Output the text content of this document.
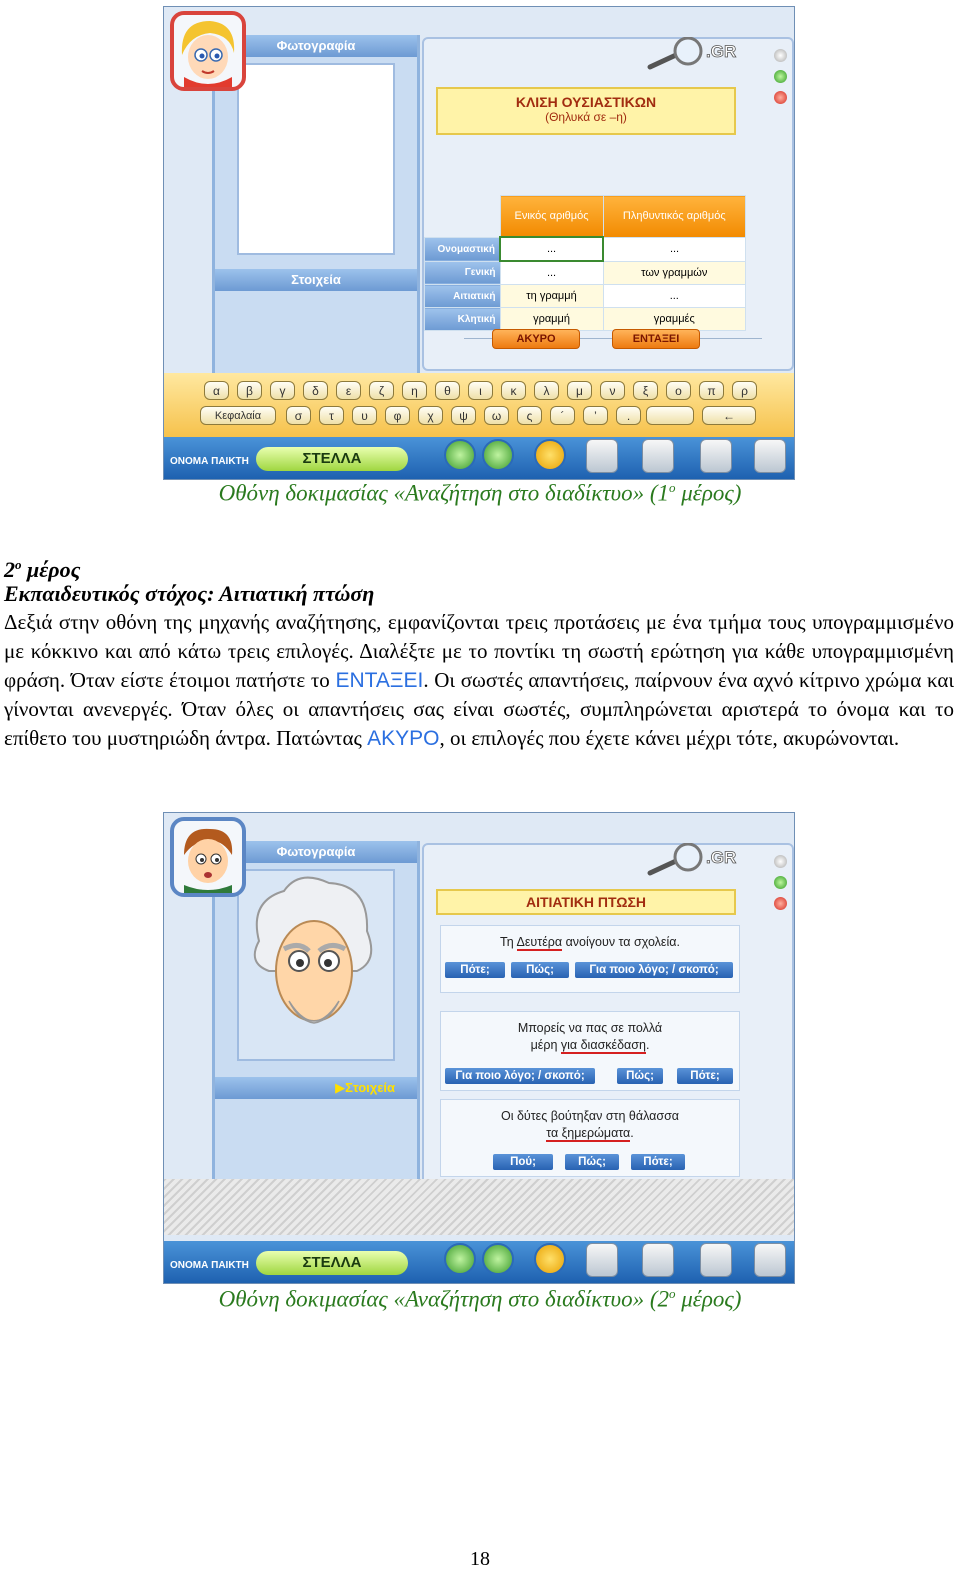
Φωτογραφία
Στοιχεία
ΚΛΙΣΗ ΟΥΣΙΑΣΤΙΚΩΝ
(Θηλυκά σε –η)
	Ενικός αριθμός	Πληθυντικός αριθμός
Ονομαστική	...	...
Γενική	...	των γραμμών
Αιτιατική	τη γραμμή	...
Κλητική	γραμμή	γραμμές
ΑΚΥΡΟ	ΕΝΤΑΞΕΙ
.GR
α	β	γ	δ	ε	ζ	η	θ	ι	κ	λ	μ	ν	ξ	ο	π	ρ
Κεφαλαία	σ	τ	υ	φ	χ	ψ	ω	ς	´	’	.	←
ΟΝΟΜΑ ΠΑΙΚΤΗ	ΣΤΕΛΛΑ
Οθόνη δοκιμασίας «Αναζήτηση στο διαδίκτυο» ($1^o$ μέρος)
$2^o$ μέρος
Εκπαιδευτικός στόχος: Αιτιατική πτώση
Δεξιά στην οθόνη της μηχανής αναζήτησης, εμφανίζονται τρεις προτάσεις με ένα τμήμα τους υπογραμμισμένο με κόκκινο και από κάτω τρεις επιλογές. Διαλέξτε με το ποντίκι τη σωστή ερώτηση για κάθε υπογραμμισμένη φράση. Όταν είστε έτοιμοι πατήστε το ΕΝΤΑΞΕΙ. Οι σωστές απαντήσεις, παίρνουν ένα αχνό κίτρινο χρώμα και γίνονται ανενεργές. Όταν όλες οι απαντήσεις σας είναι σωστές, συμπληρώνεται αριστερά το όνομα και το επίθετο του μυστηριώδη άντρα. Πατώντας ΑΚΥΡΟ, οι επιλογές που έχετε κάνει μέχρι τότε, ακυρώνονται.
Φωτογραφία
▶Στοιχεία
ΑΙΤΙΑΤΙΚΗ ΠΤΩΣΗ
Τη Δευτέρα ανοίγουν τα σχολεία.
Πότε;	Πώς;	Για ποιο λόγο; / σκοπό;
Μπορείς να πας σε πολλά
μέρη για διασκέδαση.
Για ποιο λόγο; / σκοπό;	Πώς;	Πότε;
Οι δύτες βούτηξαν στη θάλασσα
τα ξημερώματα.
Πού;	Πώς;	Πότε;
.GR
ΟΝΟΜΑ ΠΑΙΚΤΗ	ΣΤΕΛΛΑ
Οθόνη δοκιμασίας «Αναζήτηση στο διαδίκτυο» ($2^o$ μέρος)
18
